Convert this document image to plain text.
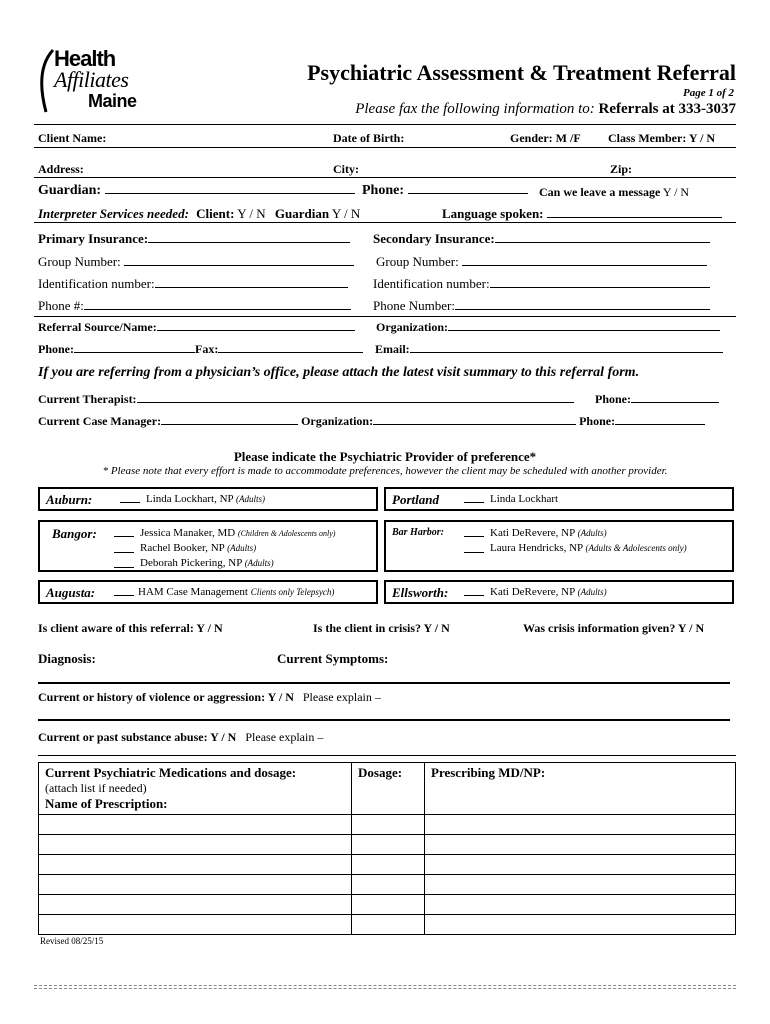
Health
Affiliates
Maine
Psychiatric Assessment & Treatment Referral
Page 1 of 2
Please fax the following information to: Referrals at 333-3037
Client Name:	Date of Birth:	Gender: M /F Class Member: Y / N
Address:	City:	Zip:
Guardian:	Phone:	Can we leave a message Y / N
Interpreter Services needed: Client: Y / N Guardian Y / N	Language spoken:
Primary Insurance:	Secondary Insurance:
Group Number:	Group Number:
Identification number:	Identification number:
Phone #:	Phone Number:
Referral Source/Name:	Organization:
Phone:	Fax:	Email:
If you are referring from a physician’s office, please attach the latest visit summary to this referral form.
Current Therapist:	Phone:
Current Case Manager:	Organization:	Phone:
Please indicate the Psychiatric Provider of preference*
* Please note that every effort is made to accommodate preferences, however the client may be scheduled with another provider.
Auburn:	Linda Lockhart, NP (Adults)	Portland	Linda Lockhart
Bangor:	Jessica Manaker, MD (Children & Adolescents only)
Rachel Booker, NP (Adults)
Deborah Pickering, NP (Adults)
Bar Harbor:	Kati DeRevere, NP (Adults)
Laura Hendricks, NP (Adults & Adolescents only)
Augusta:	HAM Case Management Clients only Telepsych)	Ellsworth:	Kati DeRevere, NP (Adults)
Is client aware of this referral: Y / N	Is the client in crisis? Y / N	Was crisis information given? Y / N
Diagnosis:	Current Symptoms:
Current or history of violence or aggression: Y / N Please explain –
Current or past substance abuse: Y / N Please explain –
Current Psychiatric Medications and dosage:
(attach list if needed)
Name of Prescription:	Dosage:	Prescribing MD/NP:

Revised 08/25/15
